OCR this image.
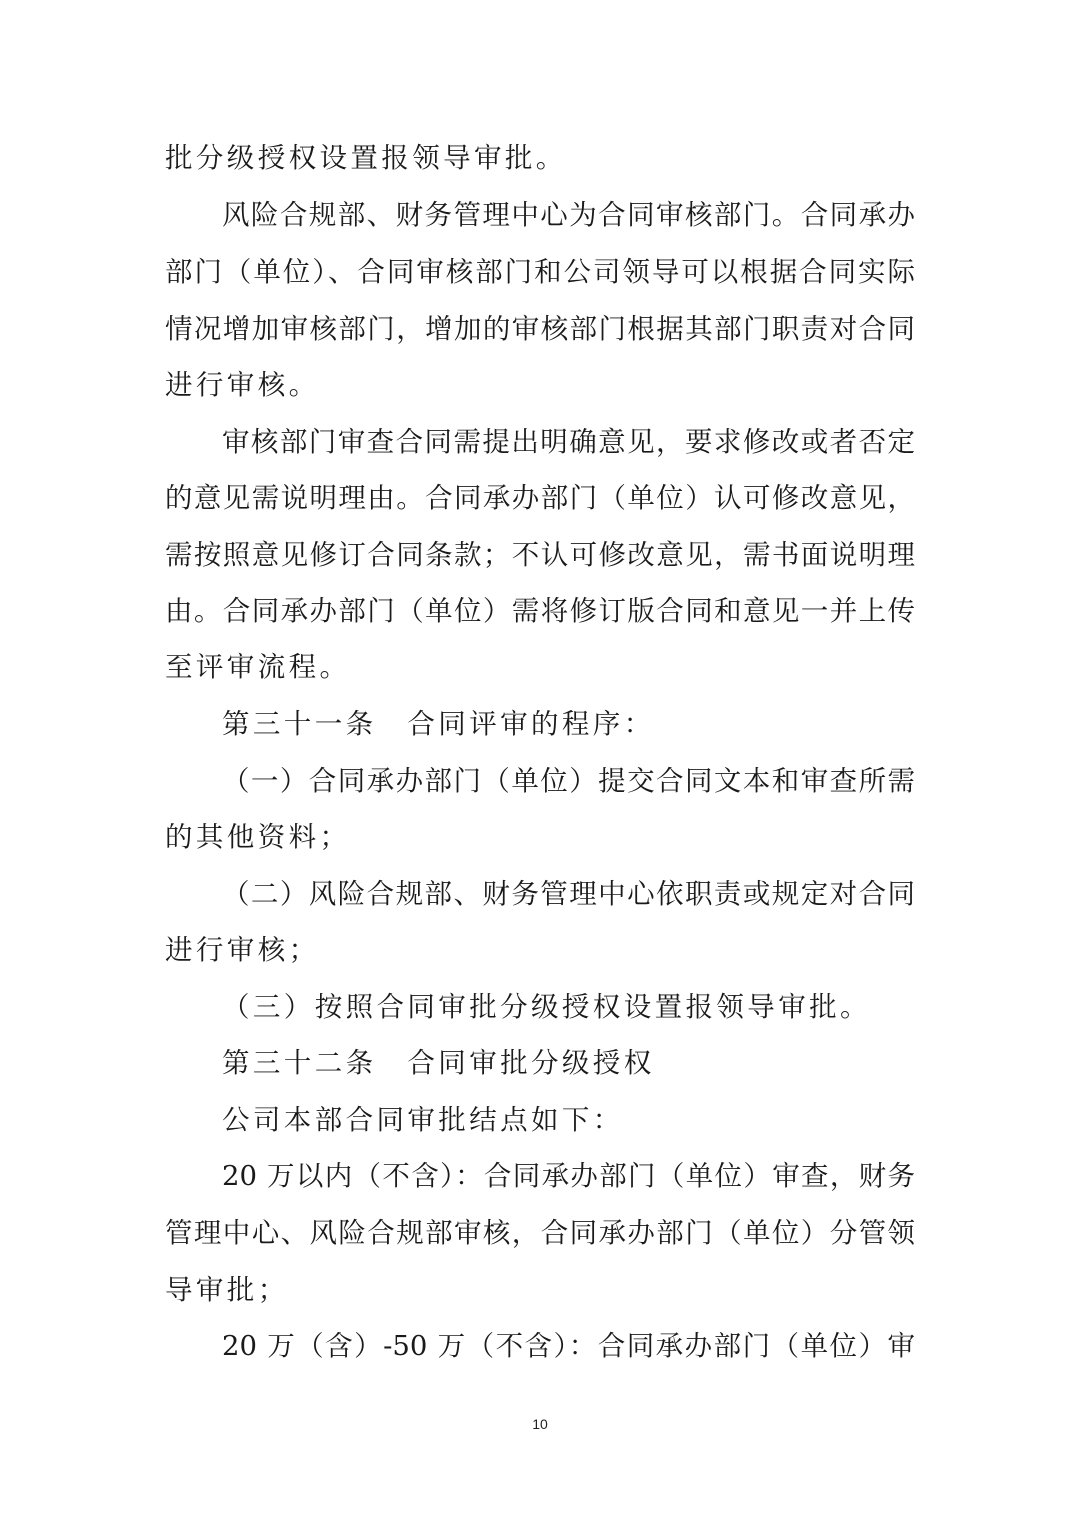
批分级授权设置报领导审批。
风险合规部、财务管理中心为合同审核部门。合同承办
部门（单位）、合同审核部门和公司领导可以根据合同实际
情况增加审核部门，增加的审核部门根据其部门职责对合同
进行审核。
审核部门审查合同需提出明确意见，要求修改或者否定
的意见需说明理由。合同承办部门（单位）认可修改意见，
需按照意见修订合同条款；不认可修改意见，需书面说明理
由。合同承办部门（单位）需将修订版合同和意见一并上传
至评审流程。
第三十一条　合同评审的程序：
（一）合同承办部门（单位）提交合同文本和审查所需
的其他资料；
（二）风险合规部、财务管理中心依职责或规定对合同
进行审核；
（三）按照合同审批分级授权设置报领导审批。
第三十二条　合同审批分级授权
公司本部合同审批结点如下：
20 万以内（不含）：合同承办部门（单位）审查，财务
管理中心、风险合规部审核，合同承办部门（单位）分管领
导审批；
20 万（含）-50 万（不含）：合同承办部门（单位）审
10
